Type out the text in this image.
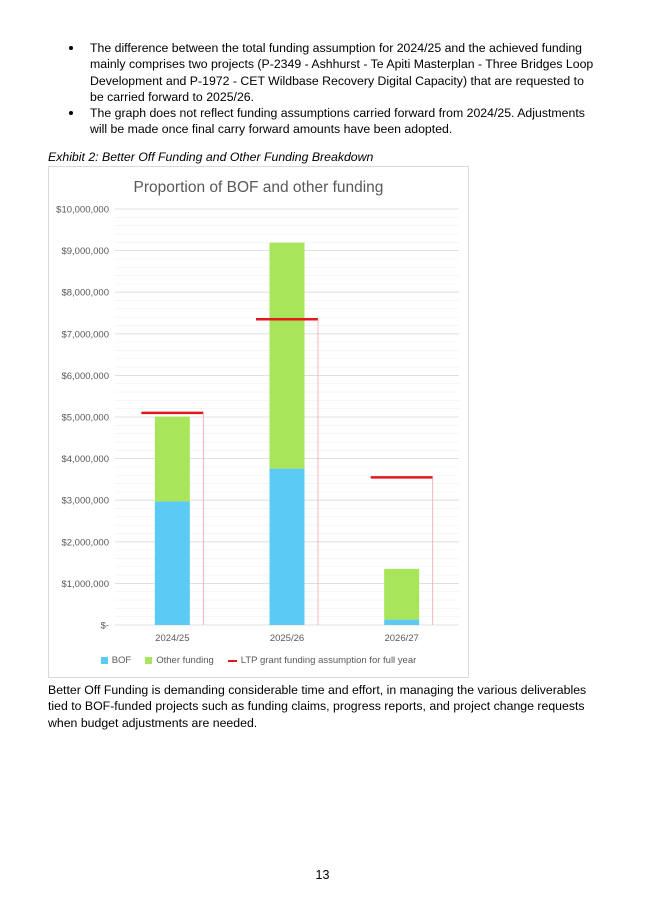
The difference between the total funding assumption for 2024/25 and the achieved funding mainly comprises two projects (P-2349 - Ashhurst - Te Apiti Masterplan - Three Bridges Loop Development and P-1972 - CET Wildbase Recovery Digital Capacity) that are requested to be carried forward to 2025/26.
The graph does not reflect funding assumptions carried forward from 2024/25. Adjustments will be made once final carry forward amounts have been adopted.
Exhibit 2: Better Off Funding and Other Funding Breakdown
$-
$1,000,000
$2,000,000
$3,000,000
$4,000,000
$5,000,000
$6,000,000
$7,000,000
$8,000,000
$9,000,000
$10,000,000
2024/25	2025/26	2026/27
Proportion of BOF and other funding
BOF	Other funding	LTP grant funding assumption for full year
Better Off Funding is demanding considerable time and effort, in managing the various deliverables tied to BOF-funded projects such as funding claims, progress reports, and project change requests when budget adjustments are needed.
13
